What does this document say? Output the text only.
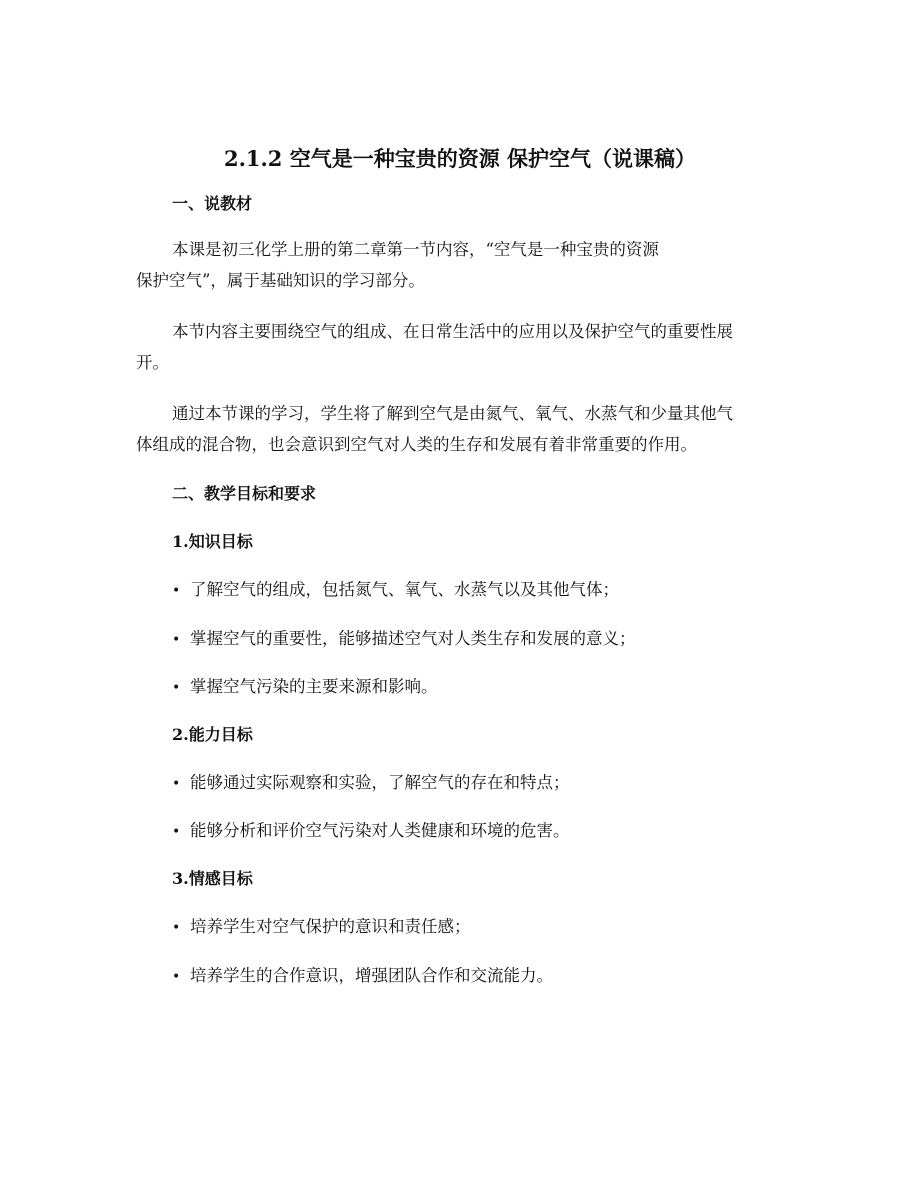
2.1.2 空气是一种宝贵的资源 保护空气（说课稿）
一、说教材
本课是初三化学上册的第二章第一节内容，“空气是一种宝贵的资源
保护空气”，属于基础知识的学习部分。
本节内容主要围绕空气的组成、在日常生活中的应用以及保护空气的重要性展
开。
通过本节课的学习，学生将了解到空气是由氮气、氧气、水蒸气和少量其他气
体组成的混合物，也会意识到空气对人类的生存和发展有着非常重要的作用。
二、教学目标和要求
1.知识目标
• 了解空气的组成，包括氮气、氧气、水蒸气以及其他气体；
• 掌握空气的重要性，能够描述空气对人类生存和发展的意义；
• 掌握空气污染的主要来源和影响。
2.能力目标
• 能够通过实际观察和实验，了解空气的存在和特点；
• 能够分析和评价空气污染对人类健康和环境的危害。
3.情感目标
• 培养学生对空气保护的意识和责任感；
• 培养学生的合作意识，增强团队合作和交流能力。
